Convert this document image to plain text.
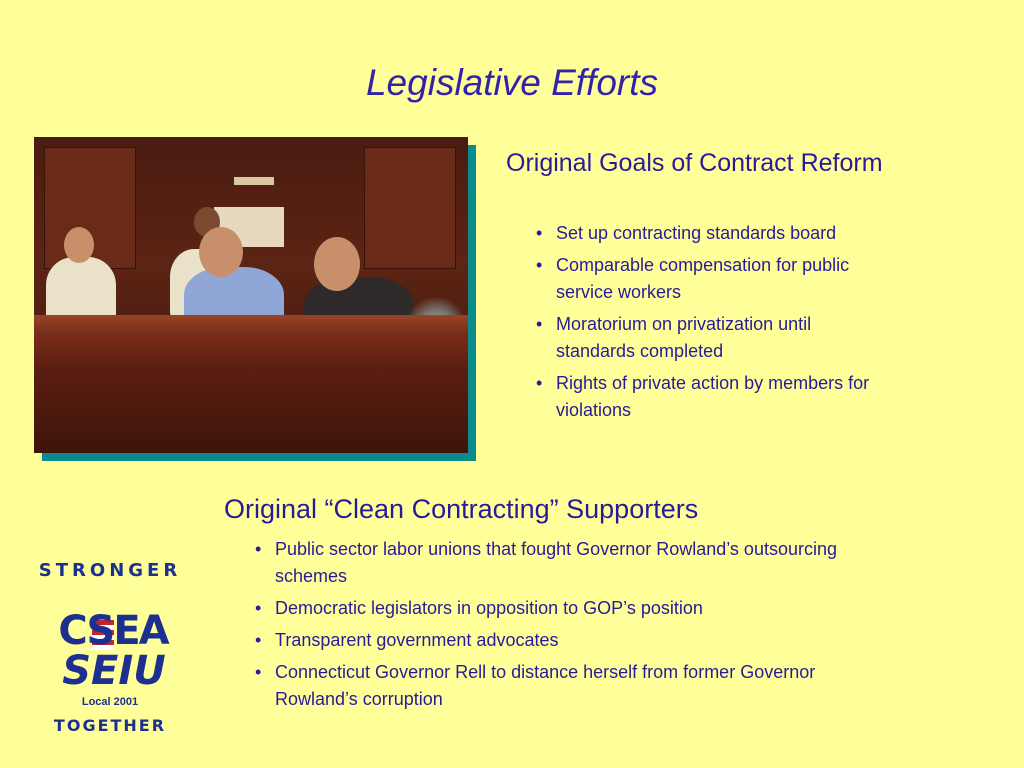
Legislative Efforts
Original Goals of Contract Reform
• Set up contracting standards board
• Comparable compensation for public service workers
• Moratorium on privatization until standards completed
• Rights of private action by members for violations
Original “Clean Contracting” Supporters
• Public sector labor unions that fought Governor Rowland’s outsourcing schemes
• Democratic legislators in opposition to GOP’s position
• Transparent government advocates
• Connecticut Governor Rell to distance herself from former Governor Rowland’s corruption
STRONGER
CSEA
SEIU
Local 2001
TOGETHER
